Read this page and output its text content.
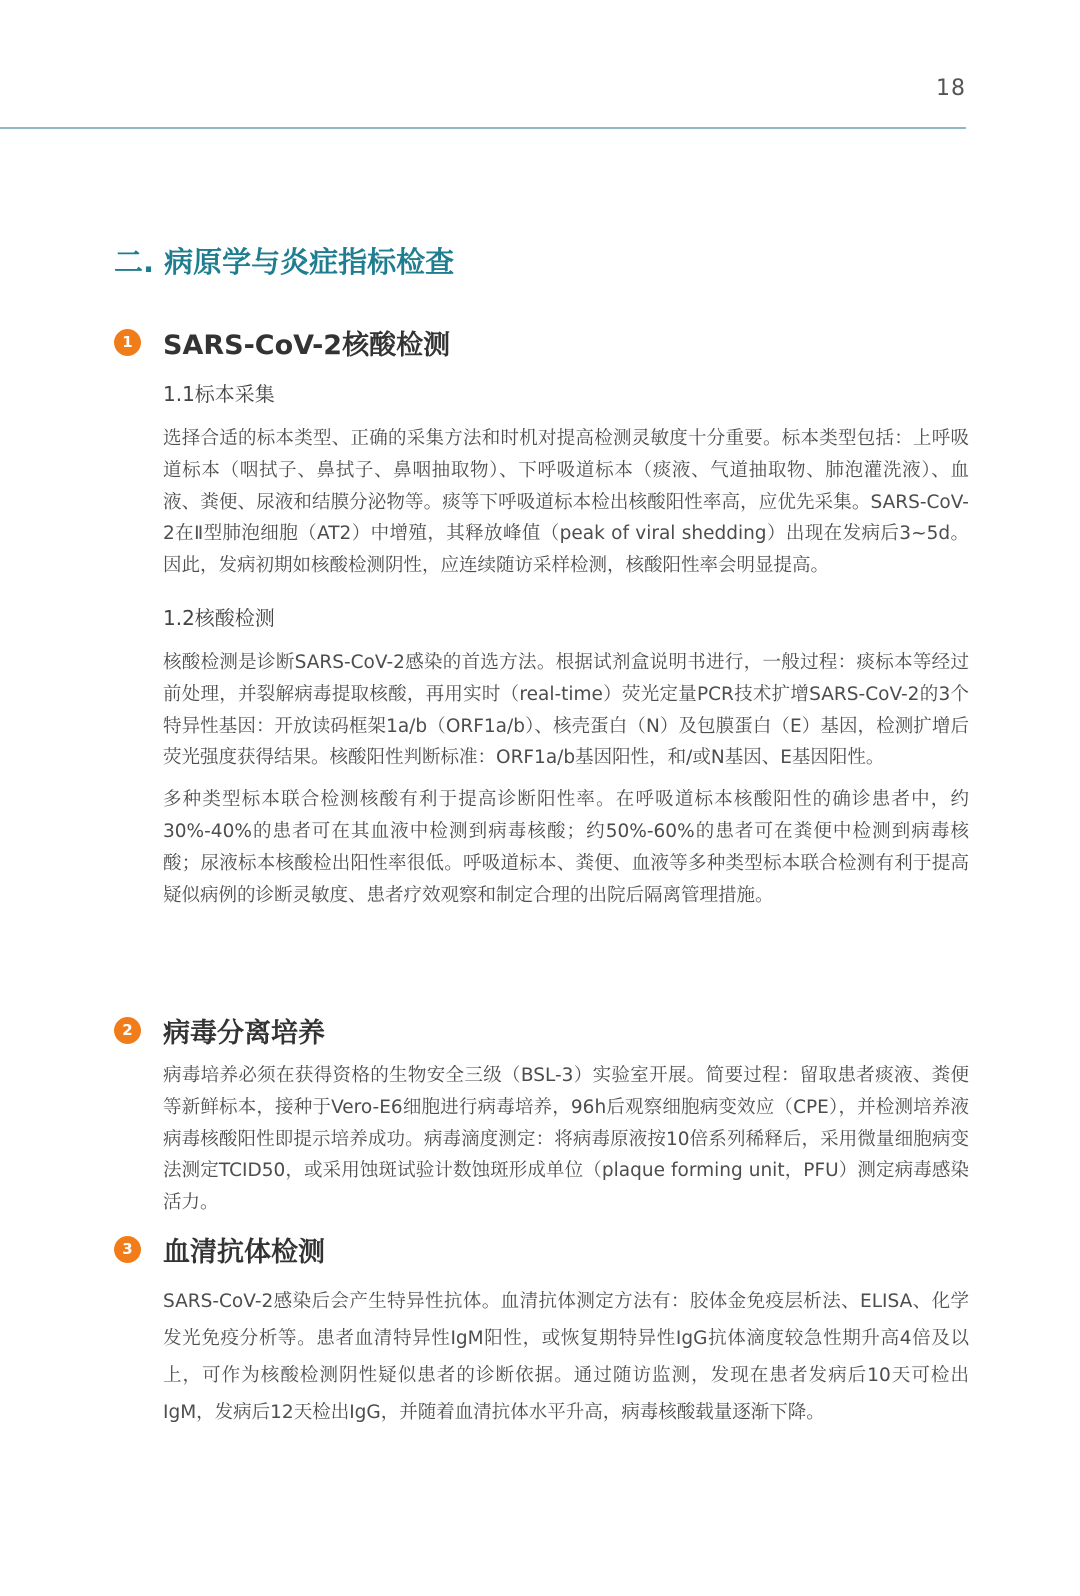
18
二. 病原学与炎症指标检查
1	SARS-CoV-2核酸检测
1.1标本采集

选择合适的标本类型、正确的采集方法和时机对提高检测灵敏度十分重要。标本类型包括：上呼吸道标本（咽拭子、鼻拭子、鼻咽抽取物）、下呼吸道标本（痰液、气道抽取物、肺泡灌洗液）、血液、粪便、尿液和结膜分泌物等。痰等下呼吸道标本检出核酸阳性率高，应优先采集。SARS-CoV-2在Ⅱ型肺泡细胞（AT2）中增殖，其释放峰值（peak of viral shedding）出现在发病后3~5d。因此，发病初期如核酸检测阴性，应连续随访采样检测，核酸阳性率会明显提高。

1.2核酸检测

核酸检测是诊断SARS-CoV-2感染的首选方法。根据试剂盒说明书进行，一般过程：痰标本等经过前处理，并裂解病毒提取核酸，再用实时（real-time）荧光定量PCR技术扩增SARS-CoV-2的3个特异性基因：开放读码框架1a/b（ORF1a/b）、核壳蛋白（N）及包膜蛋白（E）基因，检测扩增后荧光强度获得结果。核酸阳性判断标准：ORF1a/b基因阳性，和/或N基因、E基因阳性。

多种类型标本联合检测核酸有利于提高诊断阳性率。在呼吸道标本核酸阳性的确诊患者中，约30%-40%的患者可在其血液中检测到病毒核酸；约50%-60%的患者可在粪便中检测到病毒核酸；尿液标本核酸检出阳性率很低。呼吸道标本、粪便、血液等多种类型标本联合检测有利于提高疑似病例的诊断灵敏度、患者疗效观察和制定合理的出院后隔离管理措施。

2	病毒分离培养

病毒培养必须在获得资格的生物安全三级（BSL-3）实验室开展。简要过程：留取患者痰液、粪便等新鲜标本，接种于Vero-E6细胞进行病毒培养，96h后观察细胞病变效应（CPE），并检测培养液病毒核酸阳性即提示培养成功。病毒滴度测定：将病毒原液按10倍系列稀释后，采用微量细胞病变法测定TCID50，或采用蚀斑试验计数蚀斑形成单位（plaque forming unit，PFU）测定病毒感染活力。

3	血清抗体检测

SARS-CoV-2感染后会产生特异性抗体。血清抗体测定方法有：胶体金免疫层析法、ELISA、化学发光免疫分析等。患者血清特异性IgM阳性，或恢复期特异性IgG抗体滴度较急性期升高4倍及以上，可作为核酸检测阴性疑似患者的诊断依据。通过随访监测，发现在患者发病后10天可检出IgM，发病后12天检出IgG，并随着血清抗体水平升高，病毒核酸载量逐渐下降。
